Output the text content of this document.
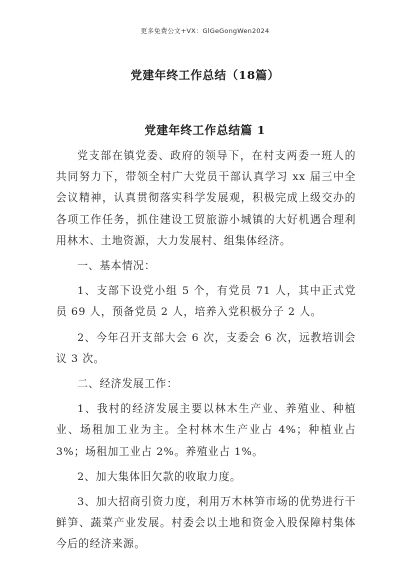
更多免费公文+VX：GlGeGongWen2024
党建年终工作总结（18篇）
党建年终工作总结篇 1

党支部在镇党委、政府的领导下，在村支两委一班人的共同努力下，带领全村广大党员干部认真学习 xx 届三中全会议精神，认真贯彻落实科学发展观，积极完成上级交办的各项工作任务，抓住建设工贸旅游小城镇的大好机遇合理利用林木、土地资源，大力发展村、组集体经济。

一、基本情况：

1、支部下设党小组 5 个，有党员 71 人，其中正式党员 69 人，预备党员 2 人，培养入党积极分子 2 人。

2、今年召开支部大会 6 次，支委会 6 次，远教培训会议 3 次。

二、经济发展工作：

1、我村的经济发展主要以林木生产业、养殖业、种植业、场租加工业为主。全村林木生产业占 4%；种植业占 3%；场租加工业占 2%。养殖业占 1%。

2、加大集体旧欠款的收取力度。

3、加大招商引资力度，利用万木林笋市场的优势进行干鲜笋、蔬菜产业发展。村委会以土地和资金入股保障村集体今后的经济来源。
